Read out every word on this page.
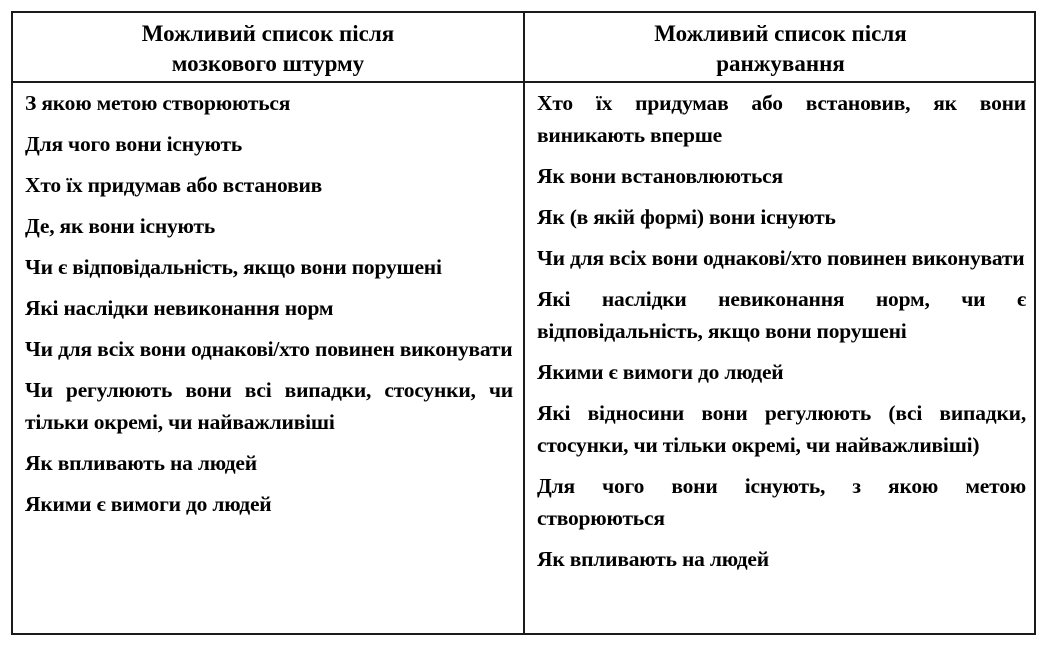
Можливий список після
мозкового штурму
Можливий список після
ранжування

З якою метою створюються

Для чого вони існують

Хто їх придумав або встановив

Де, як вони існують

Чи є відповідальність, якщо вони порушені

Які наслідки невиконання норм

Чи для всіх вони однакові/хто повинен виконувати

Чи регулюють вони всі випадки, стосунки, чи тільки окремі, чи найважливіші

Як впливають на людей

Якими є вимоги до людей

Хто їх придумав або встановив, як вони виникають вперше

Як вони встановлюються

Як (в якій формі) вони існують

Чи для всіх вони однакові/хто повинен виконувати

Які наслідки невиконання норм, чи є відповідальність, якщо вони порушені

Якими є вимоги до людей

Які відносини вони регулюють (всі випадки, стосунки, чи тільки окремі, чи найважливіші)

Для чого вони існують, з якою метою створюються

Як впливають на людей
